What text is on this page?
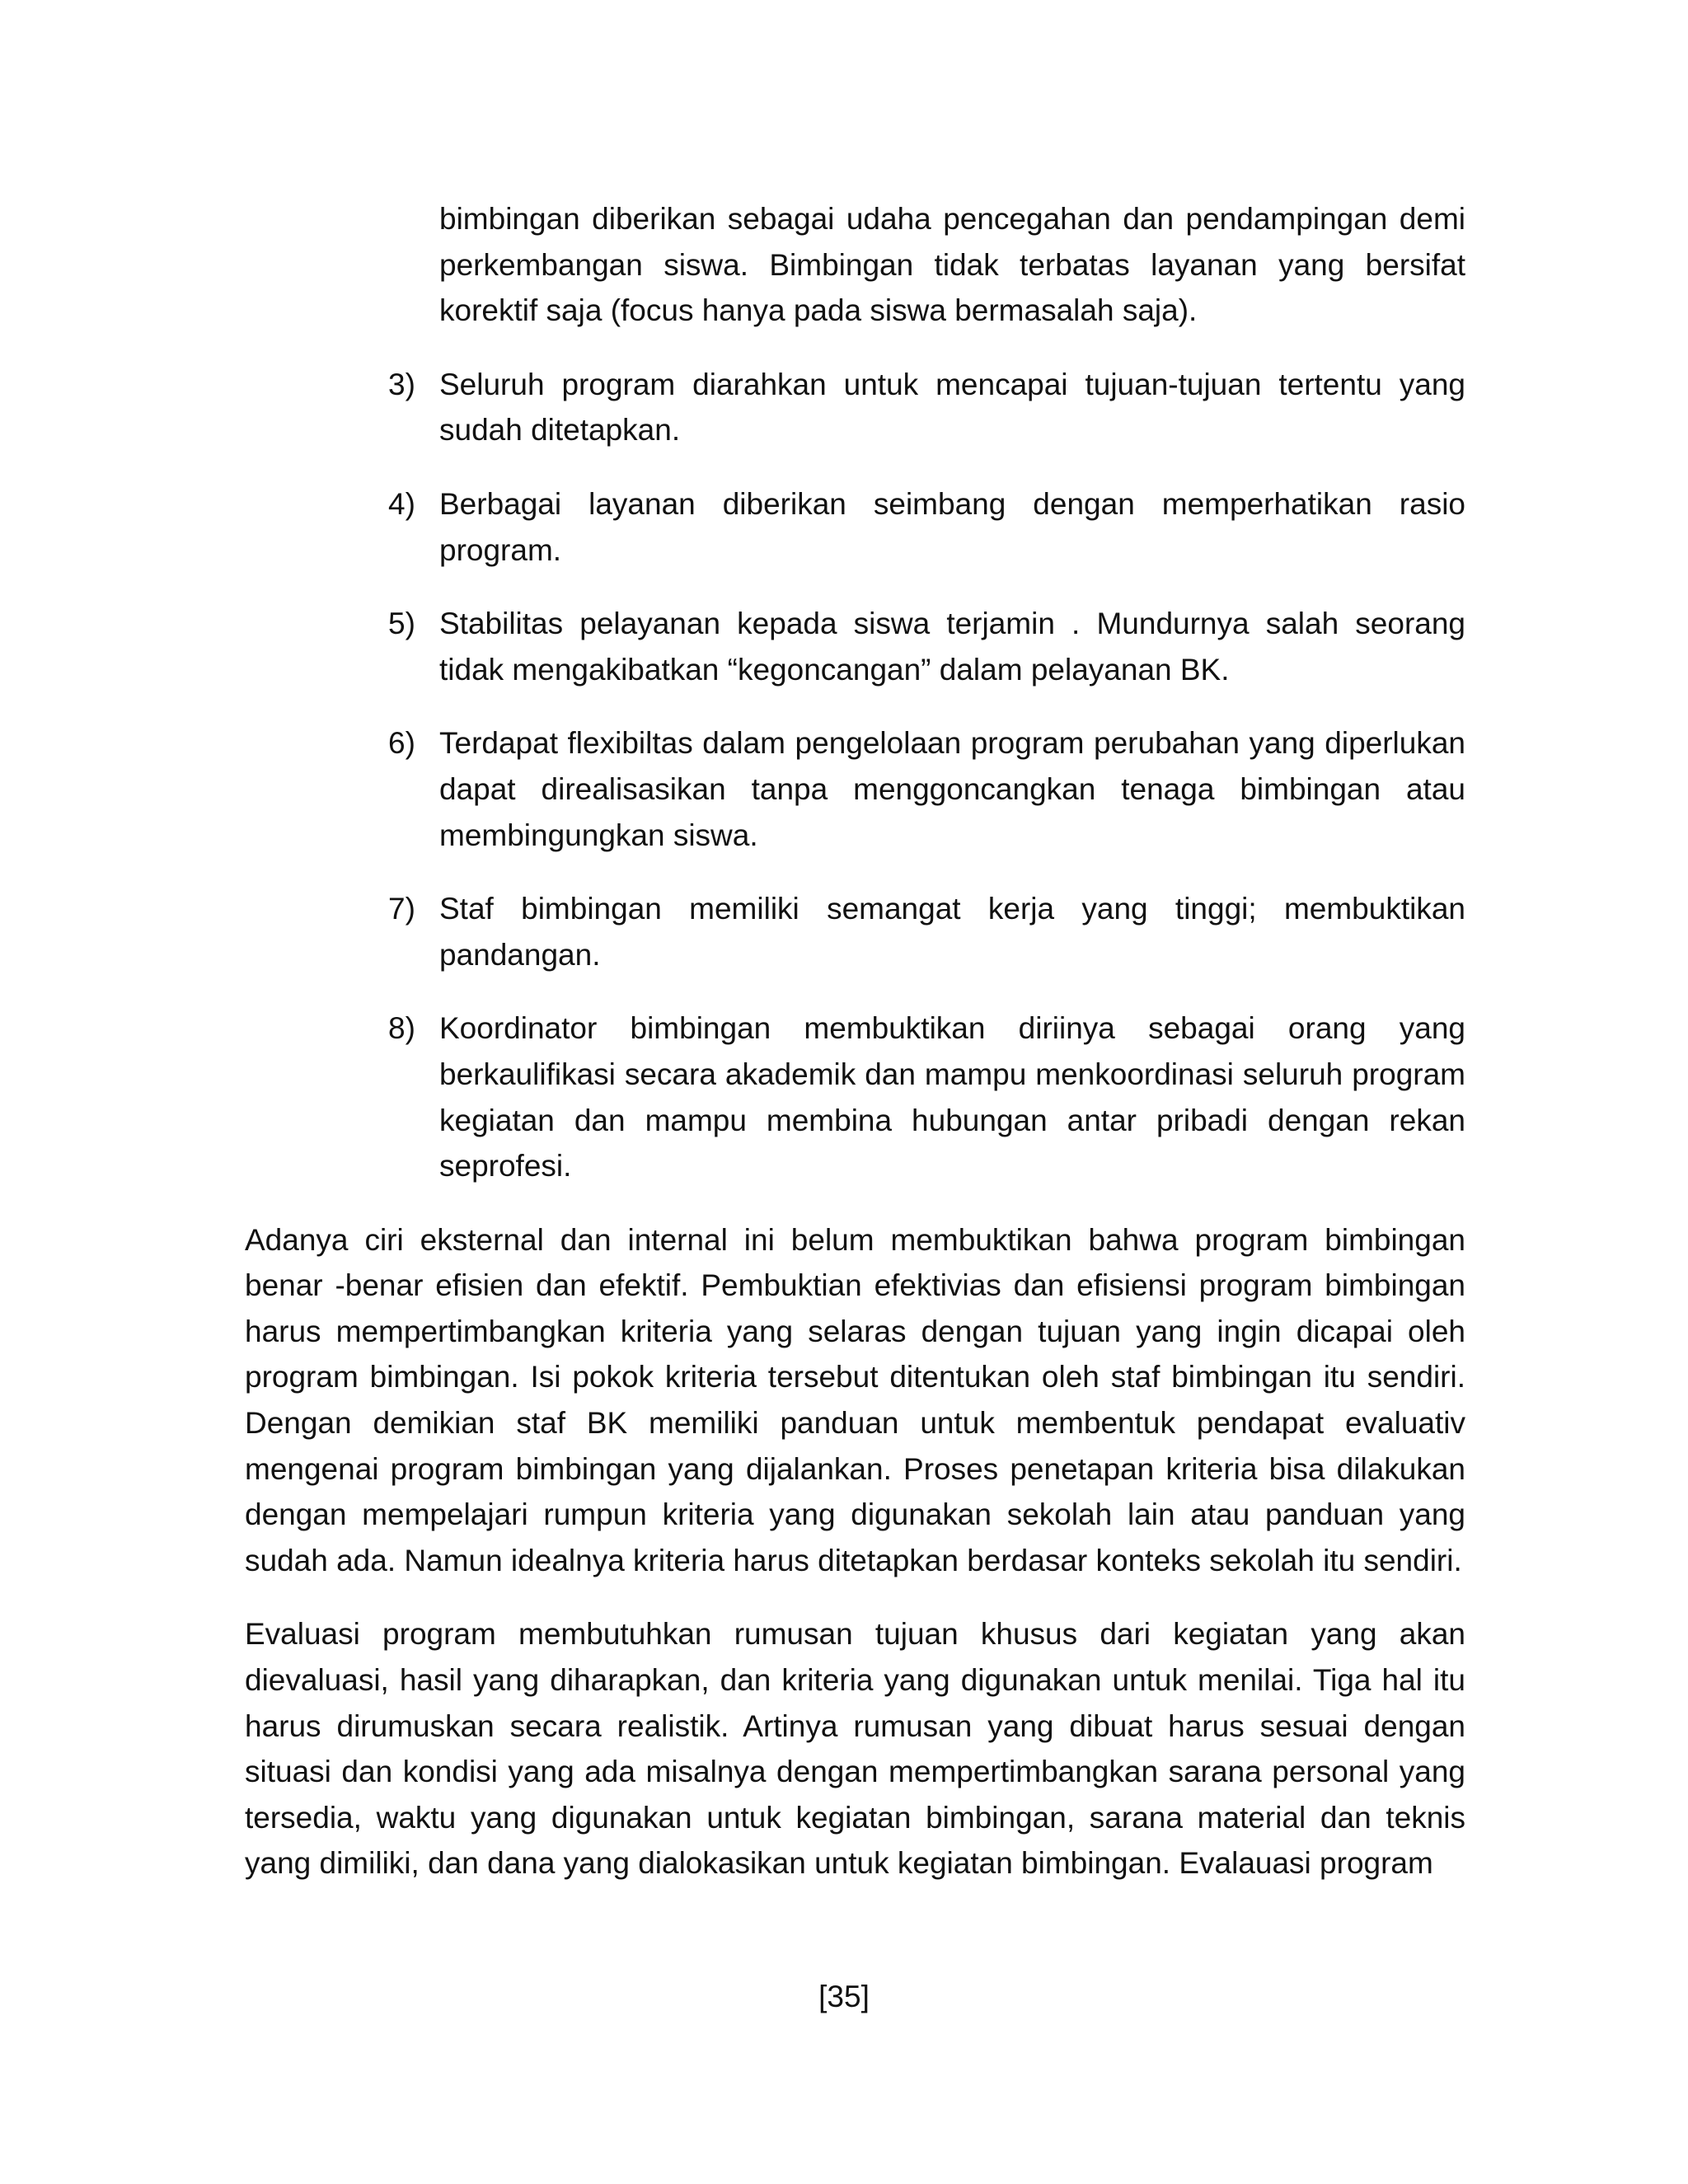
bimbingan diberikan sebagai udaha pencegahan dan pendampingan demi perkembangan siswa. Bimbingan tidak terbatas layanan yang bersifat korektif saja (focus hanya pada siswa bermasalah saja).

3) Seluruh program diarahkan untuk mencapai tujuan-tujuan tertentu yang sudah ditetapkan.
4) Berbagai layanan diberikan seimbang dengan memperhatikan rasio program.
5) Stabilitas pelayanan kepada siswa terjamin . Mundurnya salah seorang tidak mengakibatkan “kegoncangan” dalam pelayanan BK.
6) Terdapat flexibiltas dalam pengelolaan program perubahan yang diperlukan dapat direalisasikan tanpa menggoncangkan tenaga bimbingan atau membingungkan siswa.
7) Staf bimbingan memiliki semangat kerja yang tinggi; membuktikan pandangan.
8) Koordinator bimbingan membuktikan diriinya sebagai orang yang berkaulifikasi secara akademik dan mampu menkoordinasi seluruh program kegiatan dan mampu membina hubungan antar pribadi dengan rekan seprofesi.

Adanya ciri eksternal dan internal ini belum membuktikan bahwa program bimbingan benar -benar efisien dan efektif. Pembuktian efektivias dan efisiensi program bimbingan harus mempertimbangkan kriteria yang selaras dengan tujuan yang ingin dicapai oleh program bimbingan. Isi pokok kriteria tersebut ditentukan oleh staf bimbingan itu sendiri. Dengan demikian staf BK memiliki panduan untuk membentuk pendapat evaluativ mengenai program bimbingan yang dijalankan. Proses penetapan kriteria bisa dilakukan dengan mempelajari rumpun kriteria yang digunakan sekolah lain atau panduan yang sudah ada. Namun idealnya kriteria harus ditetapkan berdasar konteks sekolah itu sendiri.

Evaluasi program membutuhkan rumusan tujuan khusus dari kegiatan yang akan dievaluasi, hasil yang diharapkan, dan kriteria yang digunakan untuk menilai. Tiga hal itu harus dirumuskan secara realistik. Artinya rumusan yang dibuat harus sesuai dengan situasi dan kondisi yang ada misalnya dengan mempertimbangkan sarana personal yang tersedia, waktu yang digunakan untuk kegiatan bimbingan, sarana material dan teknis yang dimiliki, dan dana yang dialokasikan untuk kegiatan bimbingan. Evalauasi program

[35]
